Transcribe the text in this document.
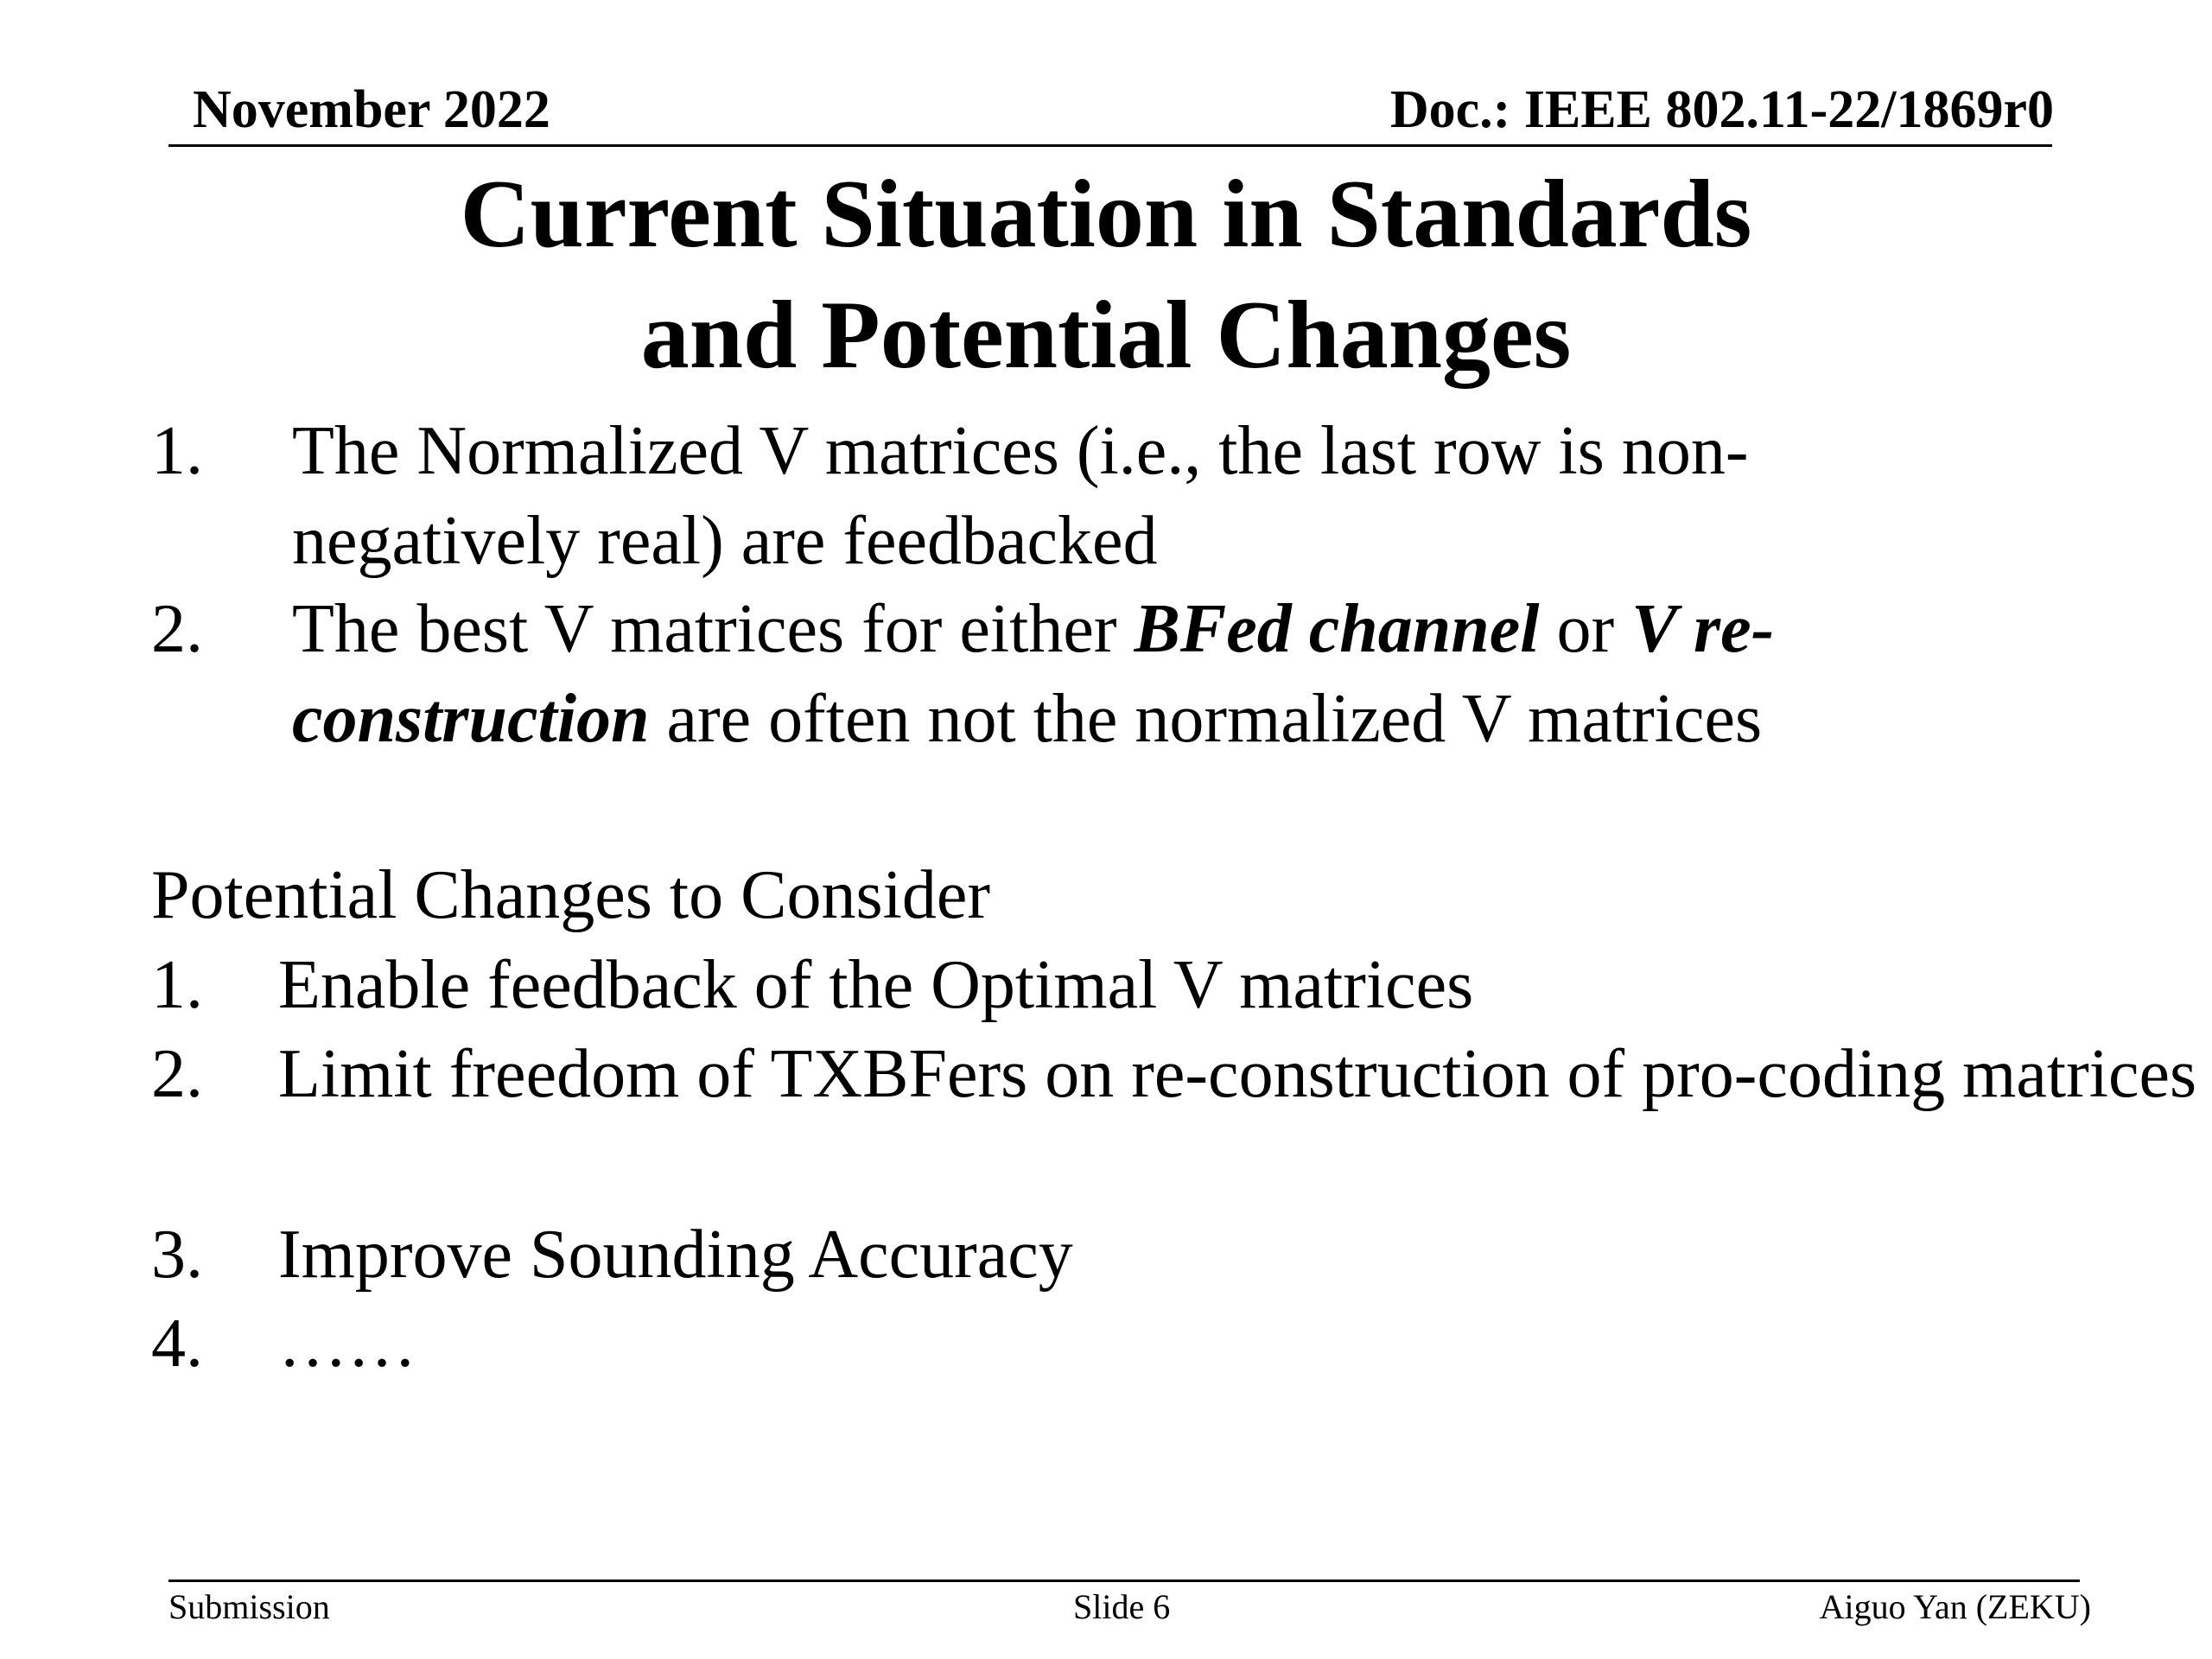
November 2022	Doc.: IEEE 802.11-22/1869r0
Current Situation in Standards
and Potential Changes
1. The Normalized V matrices (i.e., the last row is non-negatively real) are feedbacked
2. The best V matrices for either BFed channel or V re-construction are often not the normalized V matrices
Potential Changes to Consider
1. Enable feedback of the Optimal V matrices
2. Limit freedom of TXBFers on re-construction of pro-coding matrices
3. Improve Sounding Accuracy
4. ……
Submission	Slide 6	Aiguo Yan (ZEKU)
